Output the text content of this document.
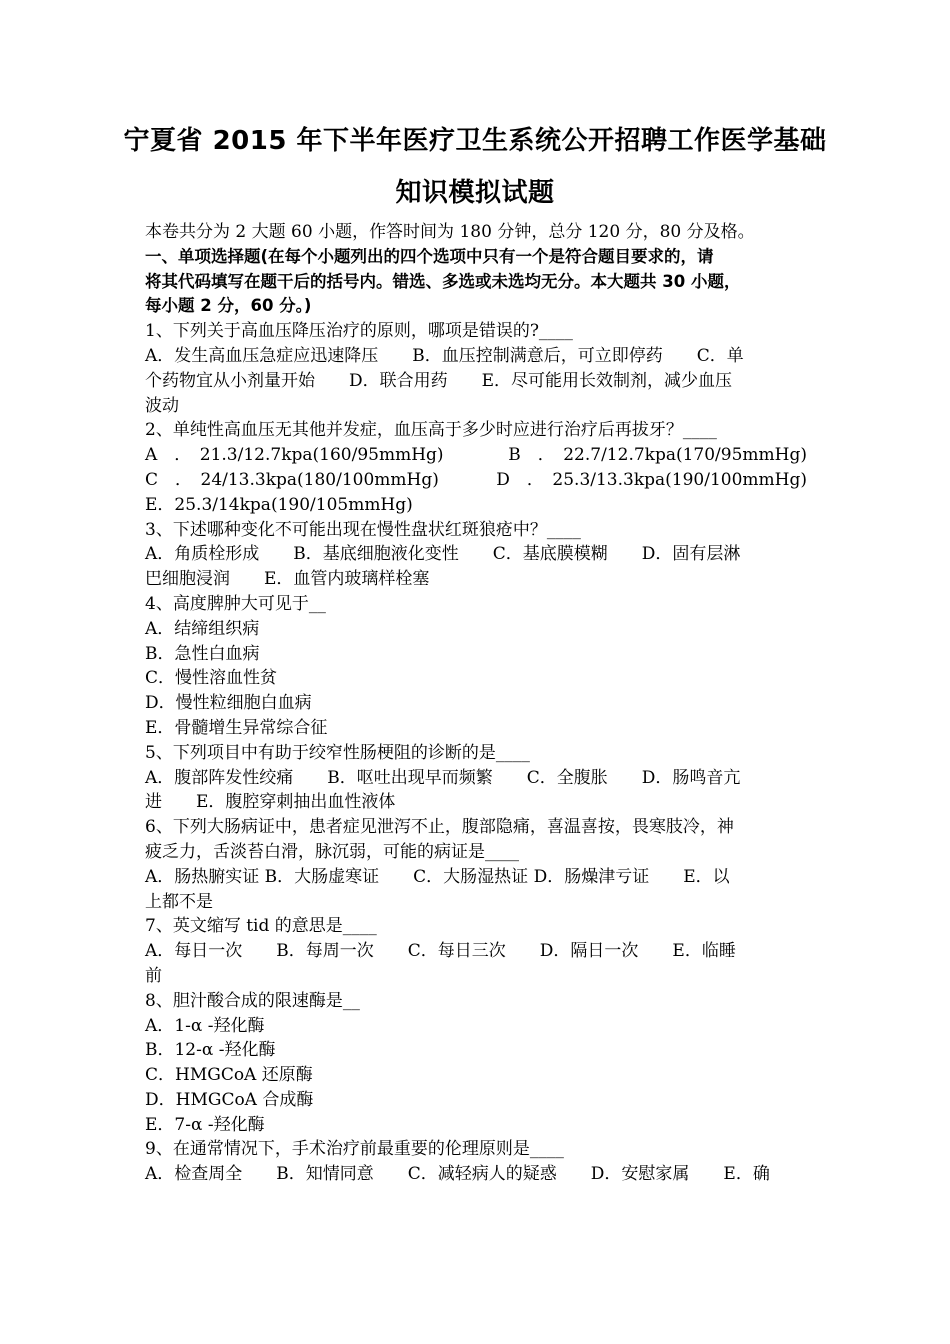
宁夏省 2015 年下半年医疗卫生系统公开招聘工作医学基础
知识模拟试题
本卷共分为 2 大题 60 小题，作答时间为 180 分钟，总分 120 分，80 分及格。
一、单项选择题(在每个小题列出的四个选项中只有一个是符合题目要求的，请
将其代码填写在题干后的括号内。错选、多选或未选均无分。本大题共 30 小题，
每小题 2 分，60 分。)
1、下列关于高血压降压治疗的原则，哪项是错误的?____
A．发生高血压急症应迅速降压　　B．血压控制满意后，可立即停药　　C．单
个药物宜从小剂量开始　　D．联合用药　　E．尽可能用长效制剂，减少血压
波动
2、单纯性高血压无其他并发症，血压高于多少时应进行治疗后再拔牙？____
A　．　21.3/12.7kpa(160/95mmHg)	B　．　22.7/12.7kpa(170/95mmHg)
C　．　24/13.3kpa(180/100mmHg)	D　．　25.3/13.3kpa(190/100mmHg)
E．25.3/14kpa(190/105mmHg)
3、下述哪种变化不可能出现在慢性盘状红斑狼疮中？____
A．角质栓形成　　B．基底细胞液化变性　　C．基底膜模糊　　D．固有层淋
巴细胞浸润　　E．血管内玻璃样栓塞
4、高度脾肿大可见于__
A．结缔组织病
B．急性白血病
C．慢性溶血性贫
D．慢性粒细胞白血病
E．骨髓增生异常综合征
5、下列项目中有助于绞窄性肠梗阻的诊断的是____
A．腹部阵发性绞痛　　B．呕吐出现早而频繁　　C．全腹胀　　D．肠鸣音亢
进　　E．腹腔穿刺抽出血性液体
6、下列大肠病证中，患者症见泄泻不止，腹部隐痛，喜温喜按，畏寒肢冷，神
疲乏力，舌淡苔白滑，脉沉弱，可能的病证是____
A．肠热腑实证 B．大肠虚寒证　　C．大肠湿热证 D．肠燥津亏证　　E．以
上都不是
7、英文缩写 tid 的意思是____
A．每日一次　　B．每周一次　　C．每日三次　　D．隔日一次　　E．临睡
前
8、胆汁酸合成的限速酶是__
A．1-α -羟化酶
B．12-α -羟化酶
C．HMGCoA 还原酶
D．HMGCoA 合成酶
E．7-α -羟化酶
9、在通常情况下，手术治疗前最重要的伦理原则是____
A．检查周全　　B．知情同意　　C．减轻病人的疑惑　　D．安慰家属　　E．确
